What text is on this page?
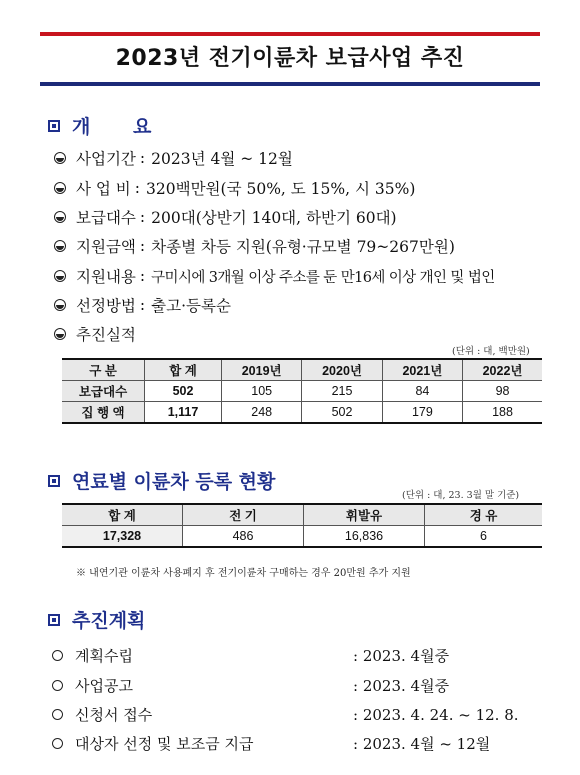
2023년 전기이륜차 보급사업 추진
개 요
사업기간 : 2023년 4월 ~ 12월
사 업 비 : 320백만원(국 50%, 도 15%, 시 35%)
보급대수 : 200대(상반기 140대, 하반기 60대)
지원금액 : 차종별 차등 지원(유형·규모별 79~267만원)
지원내용 : 구미시에 3개월 이상 주소를 둔 만16세 이상 개인 및 법인
선정방법 : 출고·등록순
추진실적
(단위 : 대, 백만원)
구 분	합 계	2019년	2020년	2021년	2022년
보급대수	502	105	215	84	98
집 행 액	1,117	248	502	179	188
연료별 이륜차 등록 현황
(단위 : 대, 23. 3월 말 기준)
합 계	전 기	휘발유	경 유
17,328	486	16,836	6
※ 내연기관 이륜차 사용폐지 후 전기이륜차 구매하는 경우 20만원 추가 지원
추진계획
계획수립	: 2023. 4월중
사업공고	: 2023. 4월중
신청서 접수	: 2023. 4. 24. ~ 12. 8.
대상자 선정 및 보조금 지급	: 2023. 4월 ~ 12월
